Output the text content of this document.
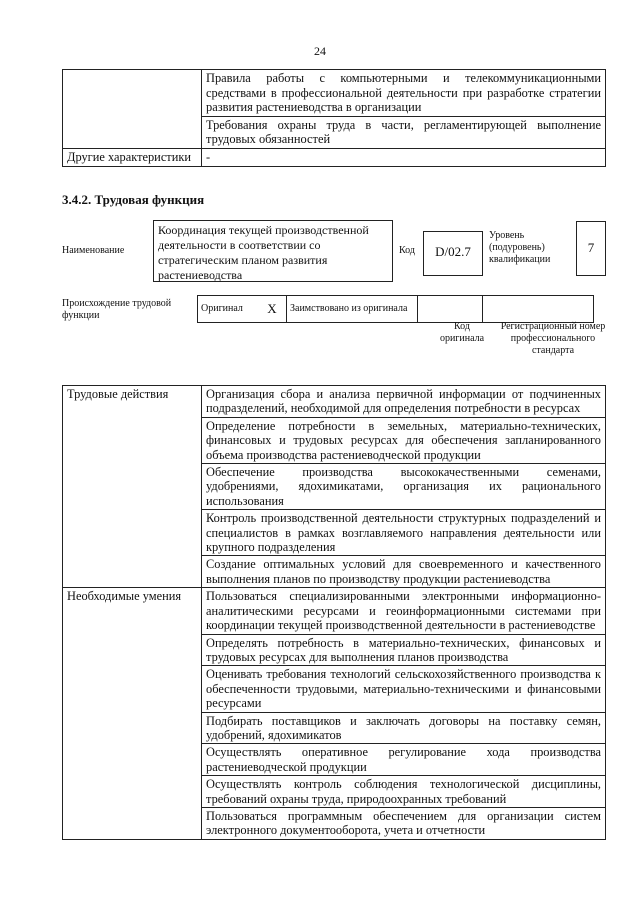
24
	Правила работы с компьютерными и телекоммуникационными средствами в профессиональной деятельности при разработке стратегии развития растениеводства в организации
	Требования охраны труда в части, регламентирующей выполнение трудовых обязанностей
Другие характеристики	-
3.4.2. Трудовая функция
Наименование
Координация текущей производственной деятельности в соответствии со стратегическим планом развития растениеводства
Код	D/02.7
Уровень (подуровень) квалификации
7
Происхождение трудовой функции
Оригинал	X	Заимствовано из оригинала		
Код оригинала
Регистрационный номер профессионального стандарта
Трудовые действия	Организация сбора и анализа первичной информации от подчиненных подразделений, необходимой для определения потребности в ресурсах
	Определение потребности в земельных, материально-технических, финансовых и трудовых ресурсах для обеспечения запланированного объема производства растениеводческой продукции
	Обеспечение производства высококачественными семенами, удобрениями, ядохимикатами, организация их рационального использования
	Контроль производственной деятельности структурных подразделений и специалистов в рамках возглавляемого направления деятельности или крупного подразделения
	Создание оптимальных условий для своевременного и качественного выполнения планов по производству продукции растениеводства
Необходимые умения	Пользоваться специализированными электронными информационно-аналитическими ресурсами и геоинформационными системами при координации текущей производственной деятельности в растениеводстве
	Определять потребность в материально-технических, финансовых и трудовых ресурсах для выполнения планов производства
	Оценивать требования технологий сельскохозяйственного производства к обеспеченности трудовыми, материально-техническими и финансовыми ресурсами
	Подбирать поставщиков и заключать договоры на поставку семян, удобрений, ядохимикатов
	Осуществлять оперативное регулирование хода производства растениеводческой продукции
	Осуществлять контроль соблюдения технологической дисциплины, требований охраны труда, природоохранных требований
	Пользоваться программным обеспечением для организации систем электронного документооборота, учета и отчетности
